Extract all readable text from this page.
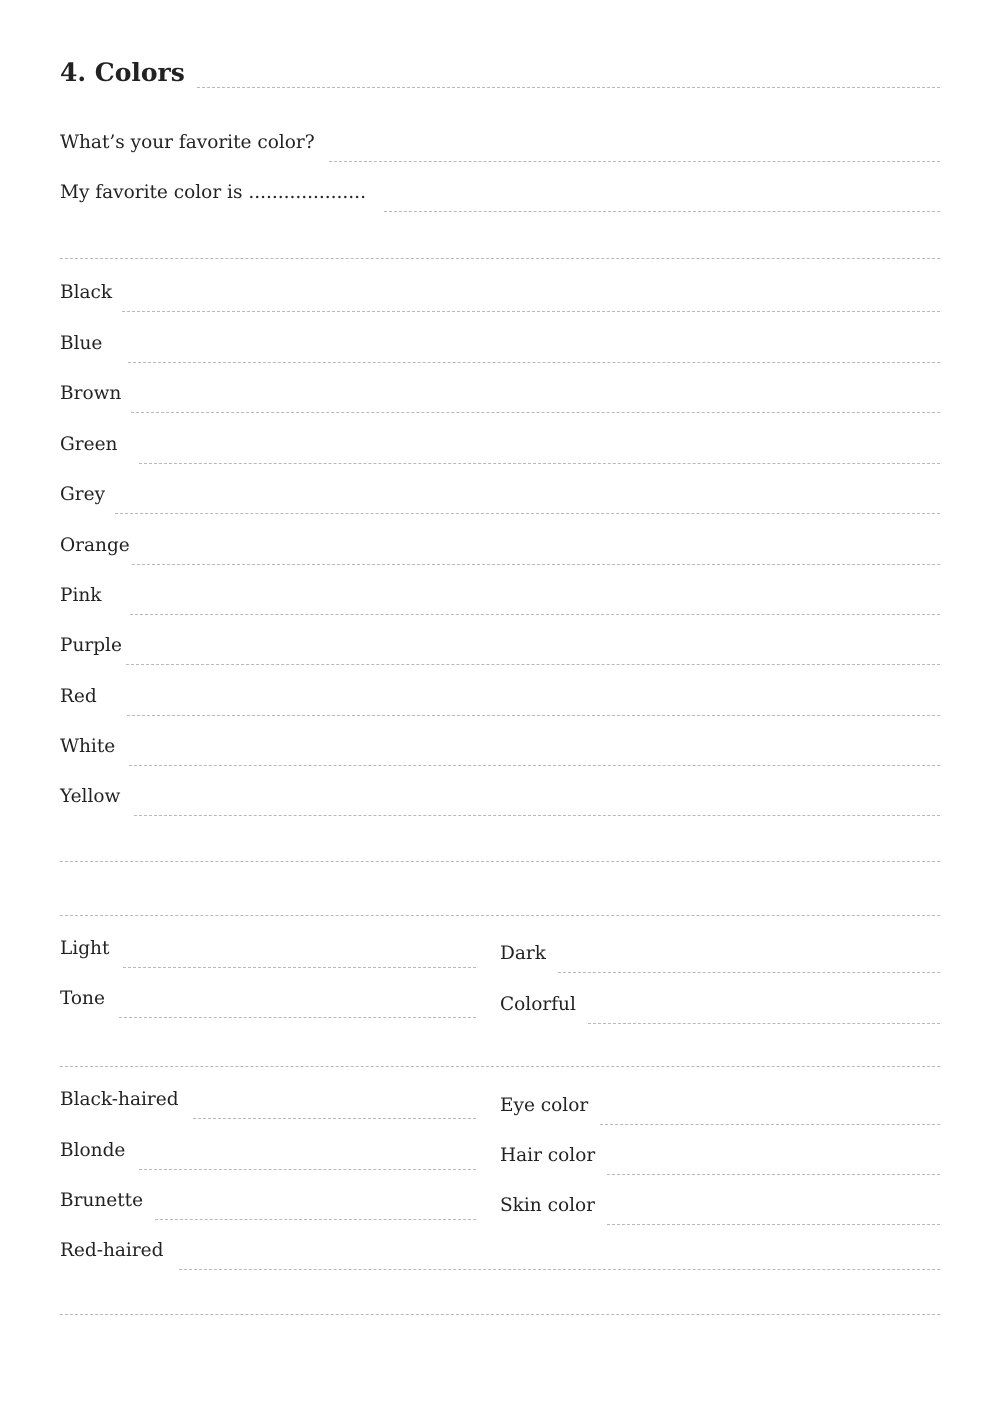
4. Colors
What’s your favorite color?
My favorite color is ....................
Black
Blue
Brown
Green
Grey
Orange
Pink
Purple
Red
White
Yellow
Light	Dark
Tone	Colorful
Black-haired	Eye color
Blonde	Hair color
Brunette	Skin color
Red-haired
